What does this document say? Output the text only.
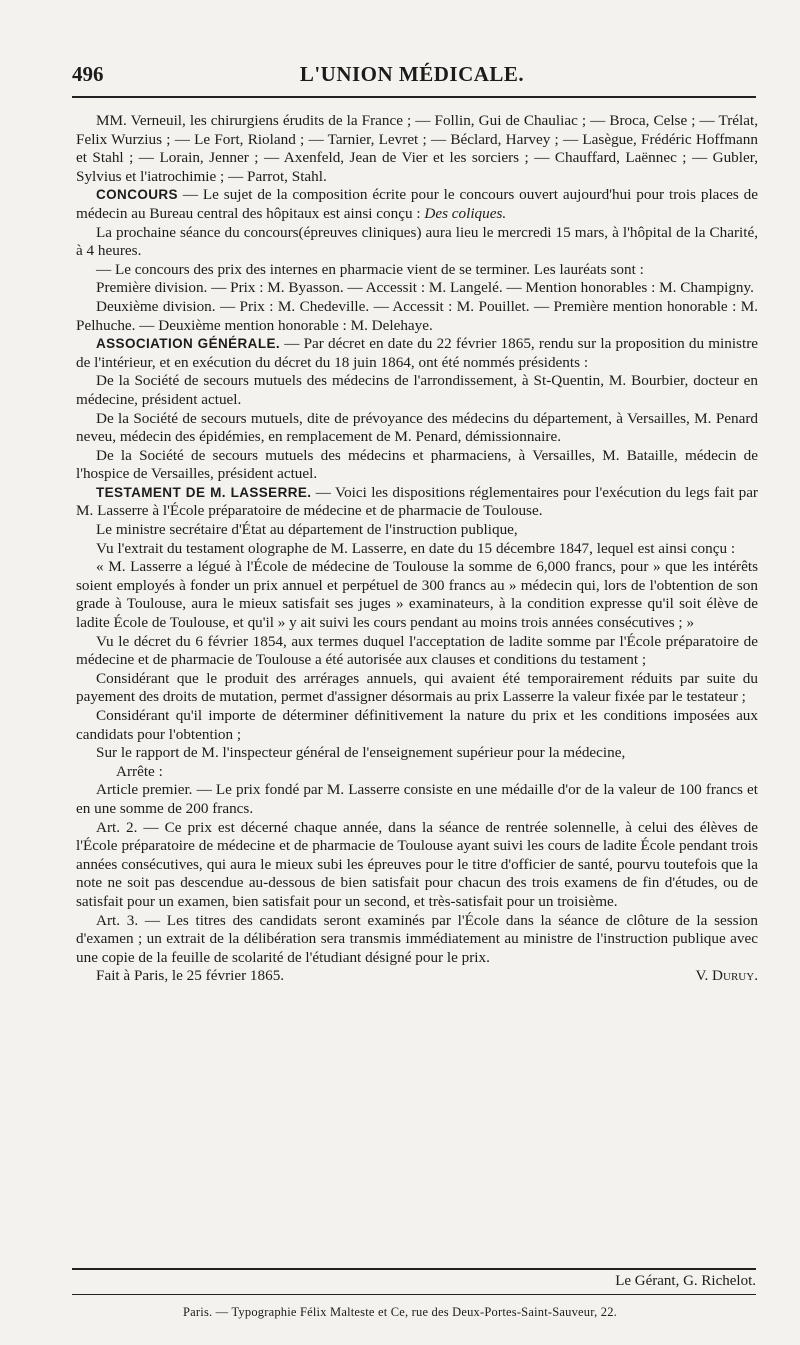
496	L'UNION MÉDICALE.

MM. Verneuil, les chirurgiens érudits de la France ; — Follin, Gui de Chauliac ; — Broca, Celse ; — Trélat, Felix Wurzius ; — Le Fort, Rioland ; — Tarnier, Levret ; — Béclard, Harvey ; — Lasègue, Frédéric Hoffmann et Stahl ; — Lorain, Jenner ; — Axenfeld, Jean de Vier et les sorciers ; — Chauffard, Laënnec ; — Gubler, Sylvius et l'iatrochimie ; — Parrot, Stahl.

CONCOURS — Le sujet de la composition écrite pour le concours ouvert aujourd'hui pour trois places de médecin au Bureau central des hôpitaux est ainsi conçu : Des coliques.

La prochaine séance du concours(épreuves cliniques) aura lieu le mercredi 15 mars, à l'hôpital de la Charité, à 4 heures.

— Le concours des prix des internes en pharmacie vient de se terminer. Les lauréats sont :

Première division. — Prix : M. Byasson. — Accessit : M. Langelé. — Mention honorables : M. Champigny.

Deuxième division. — Prix : M. Chedeville. — Accessit : M. Pouillet. — Première mention honorable : M. Pelhuche. — Deuxième mention honorable : M. Delehaye.

ASSOCIATION GÉNÉRALE. — Par décret en date du 22 février 1865, rendu sur la proposition du ministre de l'intérieur, et en exécution du décret du 18 juin 1864, ont été nommés présidents :

De la Société de secours mutuels des médecins de l'arrondissement, à St-Quentin, M. Bourbier, docteur en médecine, président actuel.

De la Société de secours mutuels, dite de prévoyance des médecins du département, à Versailles, M. Penard neveu, médecin des épidémies, en remplacement de M. Penard, démissionnaire.

De la Société de secours mutuels des médecins et pharmaciens, à Versailles, M. Bataille, médecin de l'hospice de Versailles, président actuel.

TESTAMENT DE M. LASSERRE. — Voici les dispositions réglementaires pour l'exécution du legs fait par M. Lasserre à l'École préparatoire de médecine et de pharmacie de Toulouse.

Le ministre secrétaire d'État au département de l'instruction publique,

Vu l'extrait du testament olographe de M. Lasserre, en date du 15 décembre 1847, lequel est ainsi conçu :

« M. Lasserre a légué à l'École de médecine de Toulouse la somme de 6,000 francs, pour » que les intérêts soient employés à fonder un prix annuel et perpétuel de 300 francs au » médecin qui, lors de l'obtention de son grade à Toulouse, aura le mieux satisfait ses juges » examinateurs, à la condition expresse qu'il soit élève de ladite École de Toulouse, et qu'il » y ait suivi les cours pendant au moins trois années consécutives ; »

Vu le décret du 6 février 1854, aux termes duquel l'acceptation de ladite somme par l'École préparatoire de médecine et de pharmacie de Toulouse a été autorisée aux clauses et conditions du testament ;

Considérant que le produit des arrérages annuels, qui avaient été temporairement réduits par suite du payement des droits de mutation, permet d'assigner désormais au prix Lasserre la valeur fixée par le testateur ;

Considérant qu'il importe de déterminer définitivement la nature du prix et les conditions imposées aux candidats pour l'obtention ;

Sur le rapport de M. l'inspecteur général de l'enseignement supérieur pour la médecine,

Arrête :

Article premier. — Le prix fondé par M. Lasserre consiste en une médaille d'or de la valeur de 100 francs et en une somme de 200 francs.

Art. 2. — Ce prix est décerné chaque année, dans la séance de rentrée solennelle, à celui des élèves de l'École préparatoire de médecine et de pharmacie de Toulouse ayant suivi les cours de ladite École pendant trois années consécutives, qui aura le mieux subi les épreuves pour le titre d'officier de santé, pourvu toutefois que la note ne soit pas descendue au-dessous de bien satisfait pour chacun des trois examens de fin d'études, ou de satisfait pour un examen, bien satisfait pour un second, et très-satisfait pour un troisième.

Art. 3. — Les titres des candidats seront examinés par l'École dans la séance de clôture de la session d'examen ; un extrait de la délibération sera transmis immédiatement au ministre de l'instruction publique avec une copie de la feuille de scolarité de l'étudiant désigné pour le prix.

Fait à Paris, le 25 février 1865.	V. Duruy.
Le Gérant, G. Richelot.
Paris. — Typographie Félix Malteste et Ce, rue des Deux-Portes-Saint-Sauveur, 22.
